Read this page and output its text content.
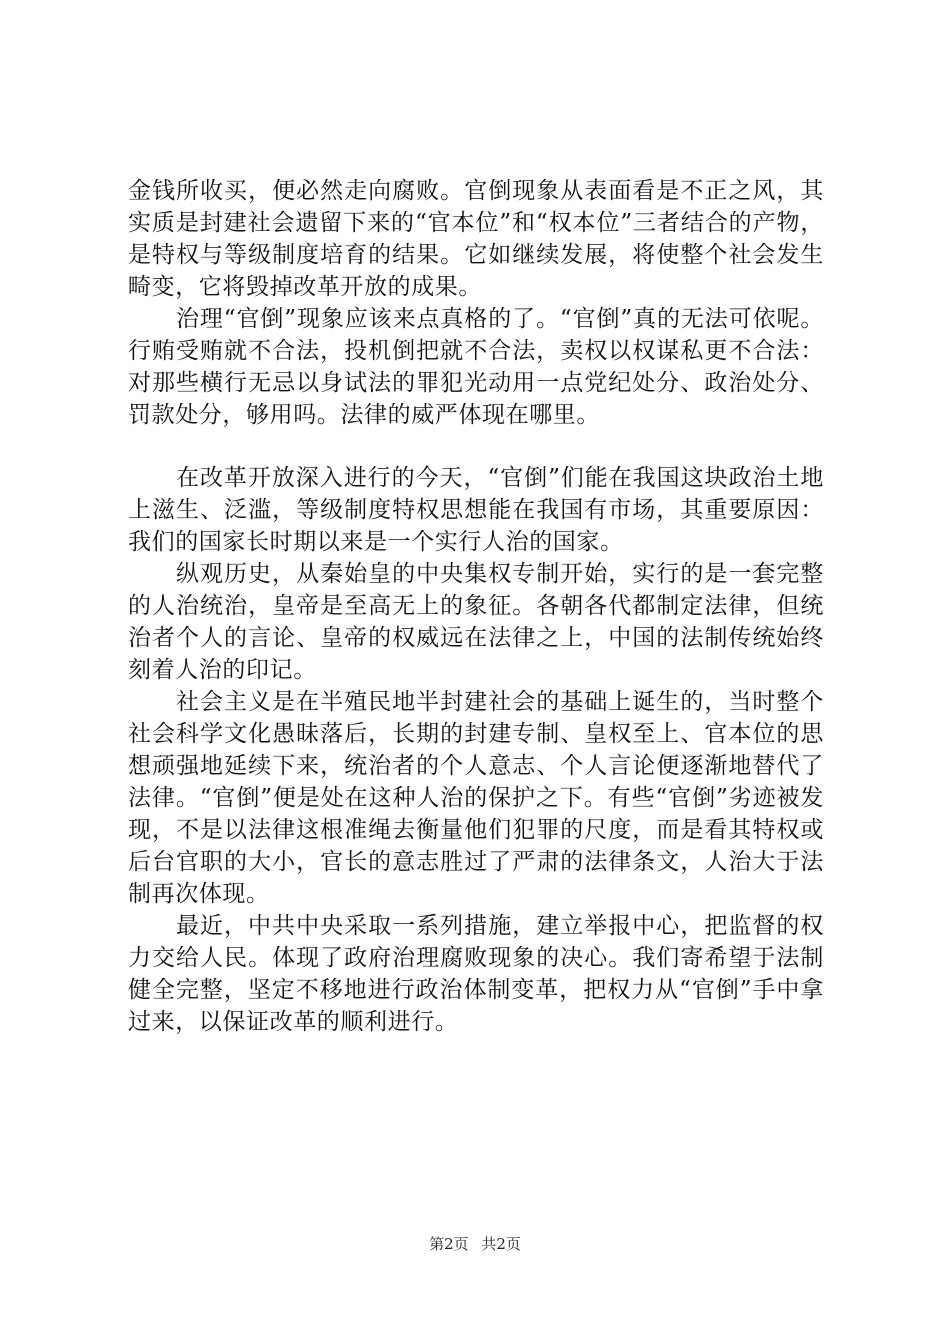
金钱所收买，便必然走向腐败。官倒现象从表面看是不正之风，其实质是封建社会遗留下来的“官本位”和“权本位”三者结合的产物，是特权与等级制度培育的结果。它如继续发展，将使整个社会发生畸变，它将毁掉改革开放的成果。

治理“官倒”现象应该来点真格的了。“官倒”真的无法可依呢。行贿受贿就不合法，投机倒把就不合法，卖权以权谋私更不合法：对那些横行无忌以身试法的罪犯光动用一点党纪处分、政治处分、罚款处分，够用吗。法律的威严体现在哪里。

在改革开放深入进行的今天，“官倒”们能在我国这块政治土地上滋生、泛滥，等级制度特权思想能在我国有市场，其重要原因：我们的国家长时期以来是一个实行人治的国家。

纵观历史，从秦始皇的中央集权专制开始，实行的是一套完整的人治统治，皇帝是至高无上的象征。各朝各代都制定法律，但统治者个人的言论、皇帝的权威远在法律之上，中国的法制传统始终刻着人治的印记。

社会主义是在半殖民地半封建社会的基础上诞生的，当时整个社会科学文化愚昧落后，长期的封建专制、皇权至上、官本位的思想顽强地延续下来，统治者的个人意志、个人言论便逐渐地替代了法律。“官倒”便是处在这种人治的保护之下。有些“官倒”劣迹被发现，不是以法律这根准绳去衡量他们犯罪的尺度，而是看其特权或后台官职的大小，官长的意志胜过了严肃的法律条文，人治大于法制再次体现。

最近，中共中央采取一系列措施，建立举报中心，把监督的权力交给人民。体现了政府治理腐败现象的决心。我们寄希望于法制健全完整，坚定不移地进行政治体制变革，把权力从“官倒”手中拿过来，以保证改革的顺利进行。

第2页 共2页
